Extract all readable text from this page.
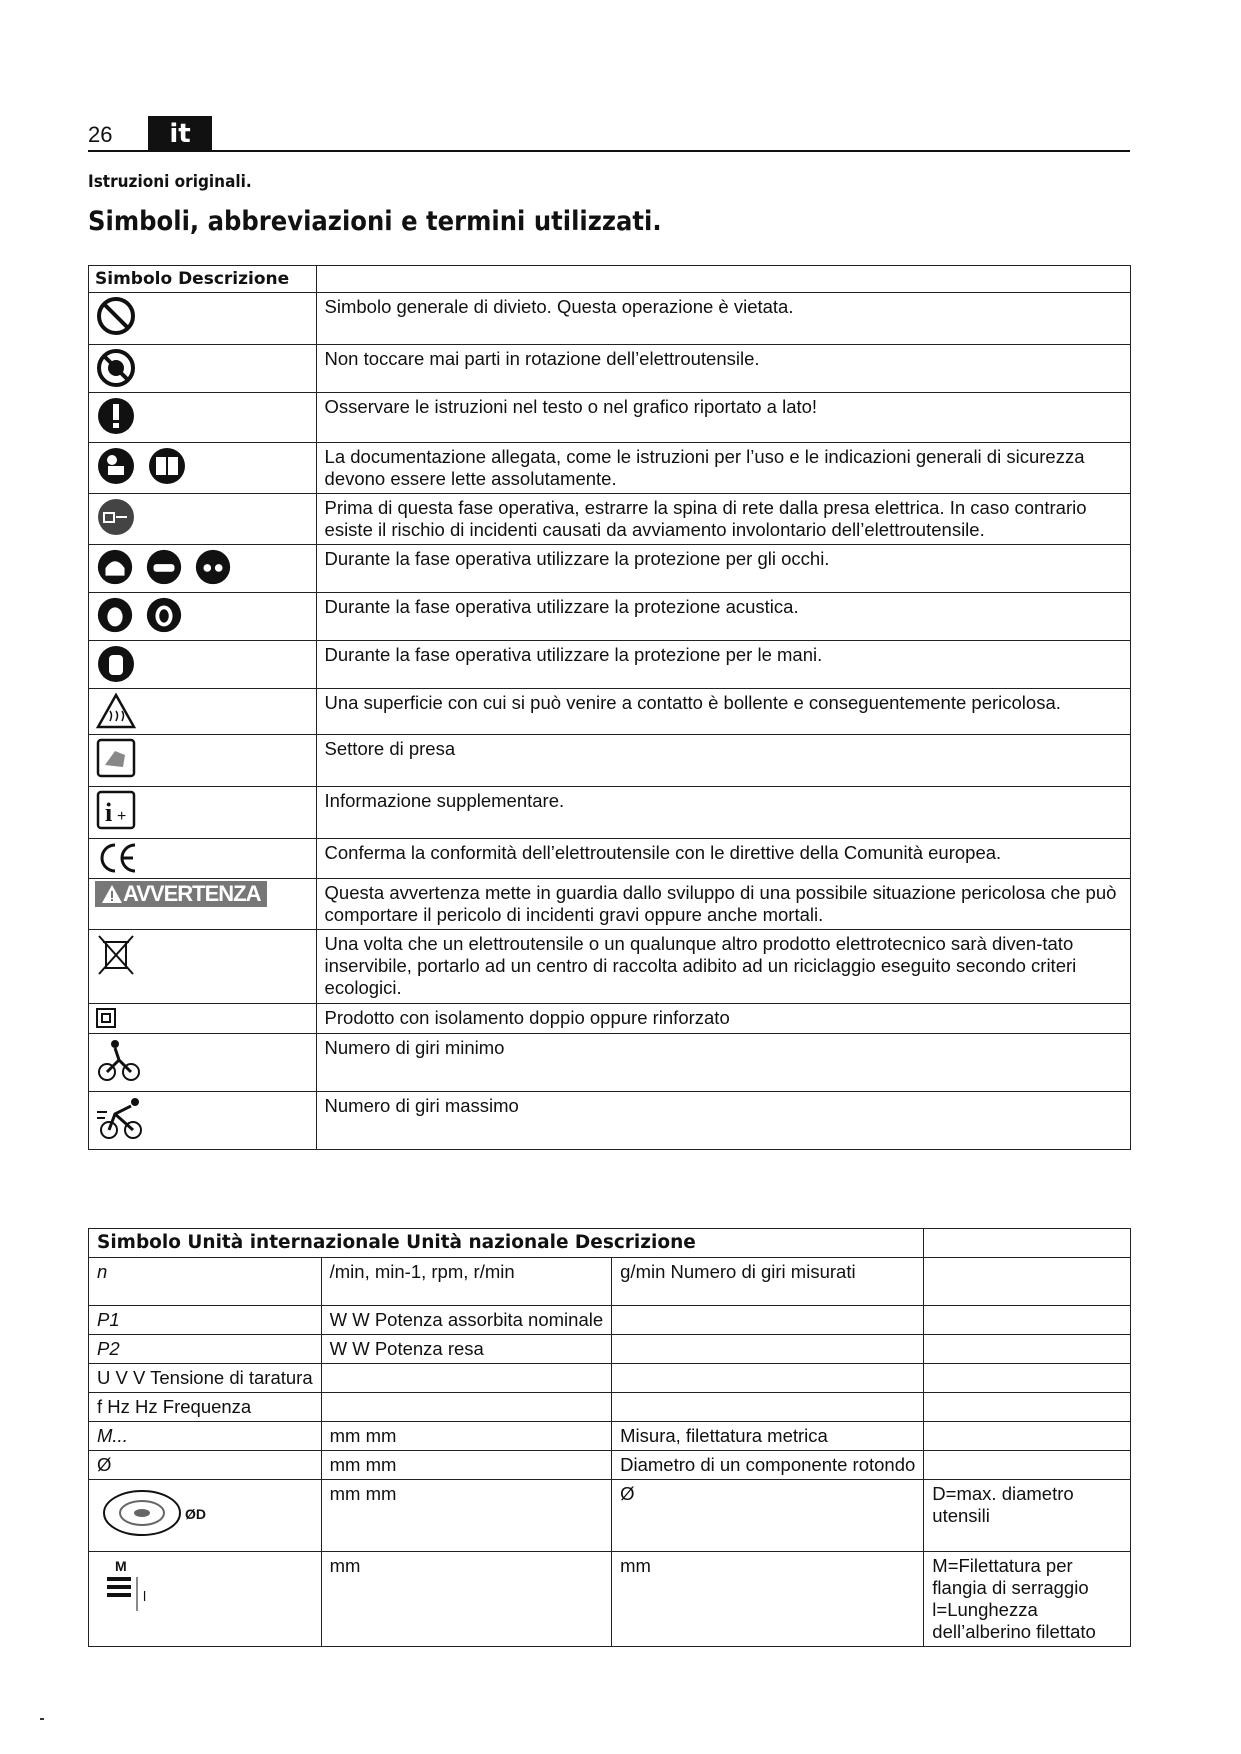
26	it
Istruzioni originali.
Simboli, abbreviazioni e termini utilizzati.
Simbolo Descrizione	
	Simbolo generale di divieto. Questa operazione è vietata.
	Non toccare mai parti in rotazione dell’elettroutensile.
	Osservare le istruzioni nel testo o nel grafico riportato a lato!
	La documentazione allegata, come le istruzioni per l’uso e le indicazioni generali di sicurezza devono essere lette assolutamente.
	Prima di questa fase operativa, estrarre la spina di rete dalla presa elettrica. In caso contrario esiste il rischio di incidenti causati da avviamento involontario dell’elettroutensile.
	Durante la fase operativa utilizzare la protezione per gli occhi.
	Durante la fase operativa utilizzare la protezione acustica.
	Durante la fase operativa utilizzare la protezione per le mani.
	Una superficie con cui si può venire a contatto è bollente e conseguentemente pericolosa.
	Settore di presa

i +	Informazione supplementare.
	Conferma la conformità dell’elettroutensile con le direttive della Comunità europea.

AVVERTENZA	Questa avvertenza mette in guardia dallo sviluppo di una possibile situazione pericolosa che può comportare il pericolo di incidenti gravi oppure anche mortali.
	Una volta che un elettroutensile o un qualunque altro prodotto elettrotecnico sarà diven-tato inservibile, portarlo ad un centro di raccolta adibito ad un riciclaggio eseguito secondo criteri ecologici.
	Prodotto con isolamento doppio oppure rinforzato
	Numero di giri minimo
	Numero di giri massimo
Simbolo Unità internazionale Unità nazionale Descrizione			
n	/min, min-1, rpm, r/min	g/min Numero di giri misurati	
P1	W W Potenza assorbita nominale		
P2	W W Potenza resa		
U V V Tensione di taratura			
f Hz Hz Frequenza			
M...	mm mm	Misura, filettatura metrica	
Ø	mm mm	Diametro di un componente rotondo	

ØD	mm mm	Ø	D=max. diametro utensili

M
l	mm	mm	M=Filettatura per flangia di serraggio l=Lunghezza dell’alberino filettato
